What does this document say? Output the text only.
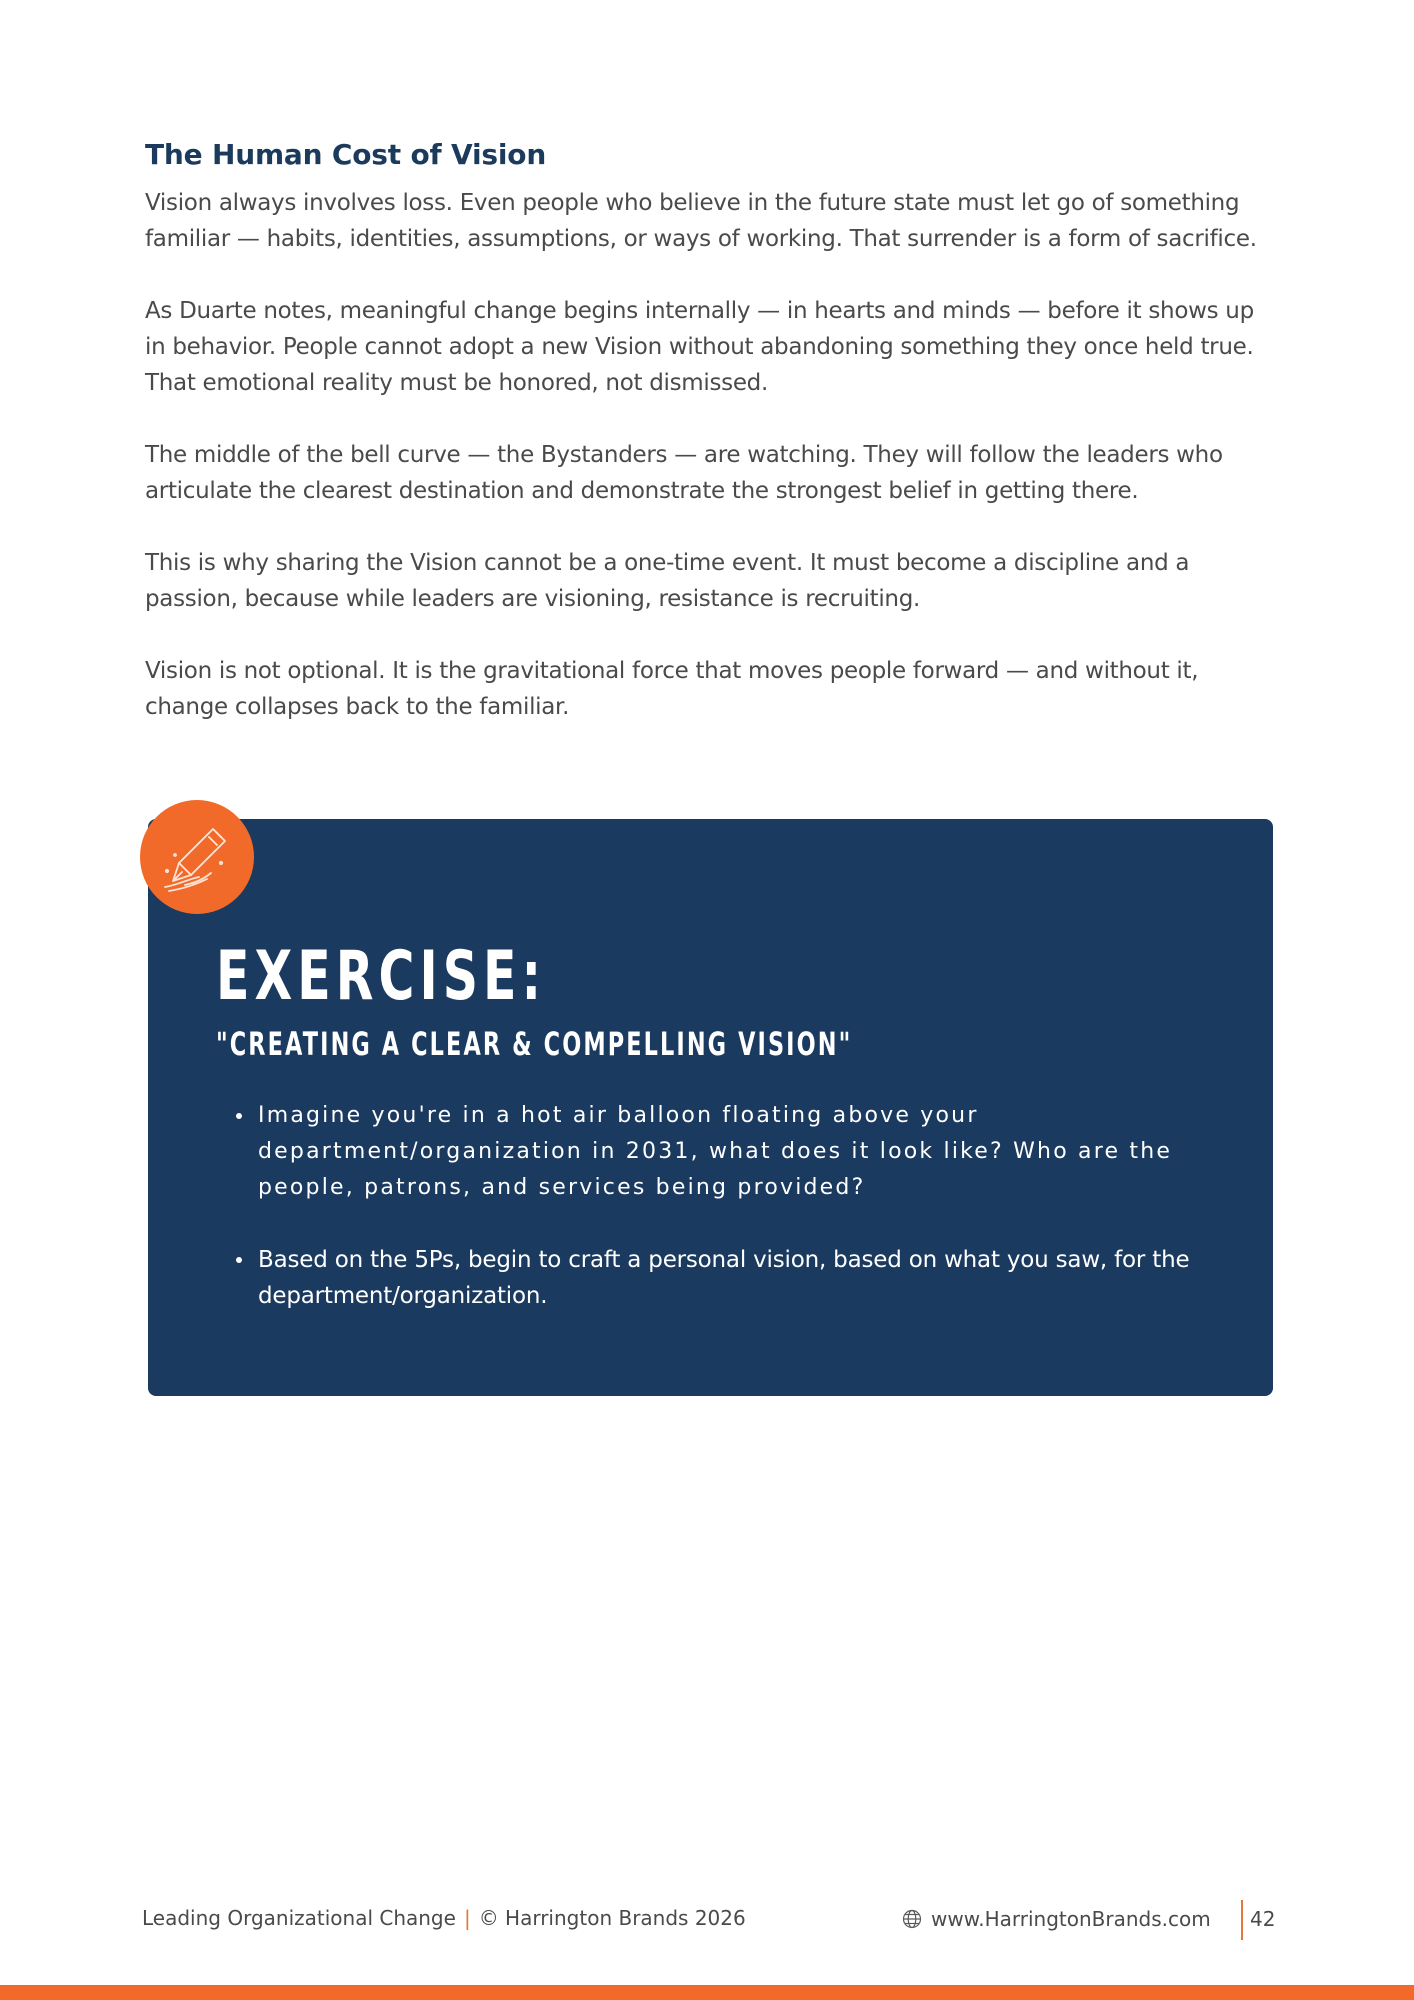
The Human Cost of Vision

Vision always involves loss. Even people who believe in the future state must let go of something familiar — habits, identities, assumptions, or ways of working. That surrender is a form of sacrifice.

As Duarte notes, meaningful change begins internally — in hearts and minds — before it shows up in behavior. People cannot adopt a new Vision without abandoning something they once held true. That emotional reality must be honored, not dismissed.

The middle of the bell curve — the Bystanders — are watching. They will follow the leaders who articulate the clearest destination and demonstrate the strongest belief in getting there.

This is why sharing the Vision cannot be a one-time event. It must become a discipline and a passion, because while leaders are visioning, resistance is recruiting.

Vision is not optional. It is the gravitational force that moves people forward — and without it, change collapses back to the familiar.

EXERCISE:
"CREATING A CLEAR & COMPELLING VISION"
Imagine you're in a hot air balloon floating above your department/organization in 2031, what does it look like? Who are the people, patrons, and services being provided?
Based on the 5Ps, begin to craft a personal vision, based on what you saw, for the department/organization.
Leading Organizational Change | © Harrington Brands 2026	www.HarringtonBrands.com 42
